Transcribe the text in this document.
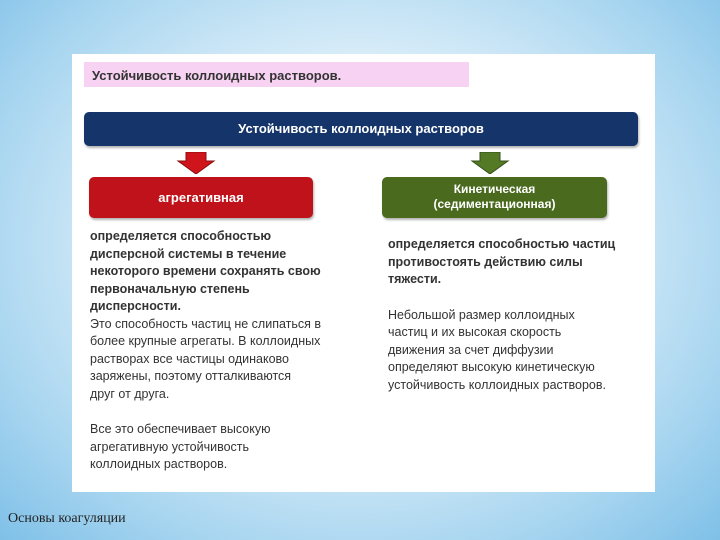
Устойчивость коллоидных растворов.
Устойчивость коллоидных растворов
агрегативная
Кинетическая
(седиментационная)
определяется способностью
дисперсной системы в течение
некоторого времени сохранять свою
первоначальную степень
дисперсности.
Это способность частиц не слипаться в
более крупные агрегаты. В коллоидных
растворах все частицы одинаково
заряжены, поэтому отталкиваются
друг от друга.
Все это обеспечивает высокую
агрегативную устойчивость
коллоидных растворов.
определяется способностью частиц
противостоять действию силы
тяжести.
Небольшой размер коллоидных
частиц и их высокая скорость
движения за счет диффузии
определяют высокую кинетическую
устойчивость коллоидных растворов.
Основы коагуляции
